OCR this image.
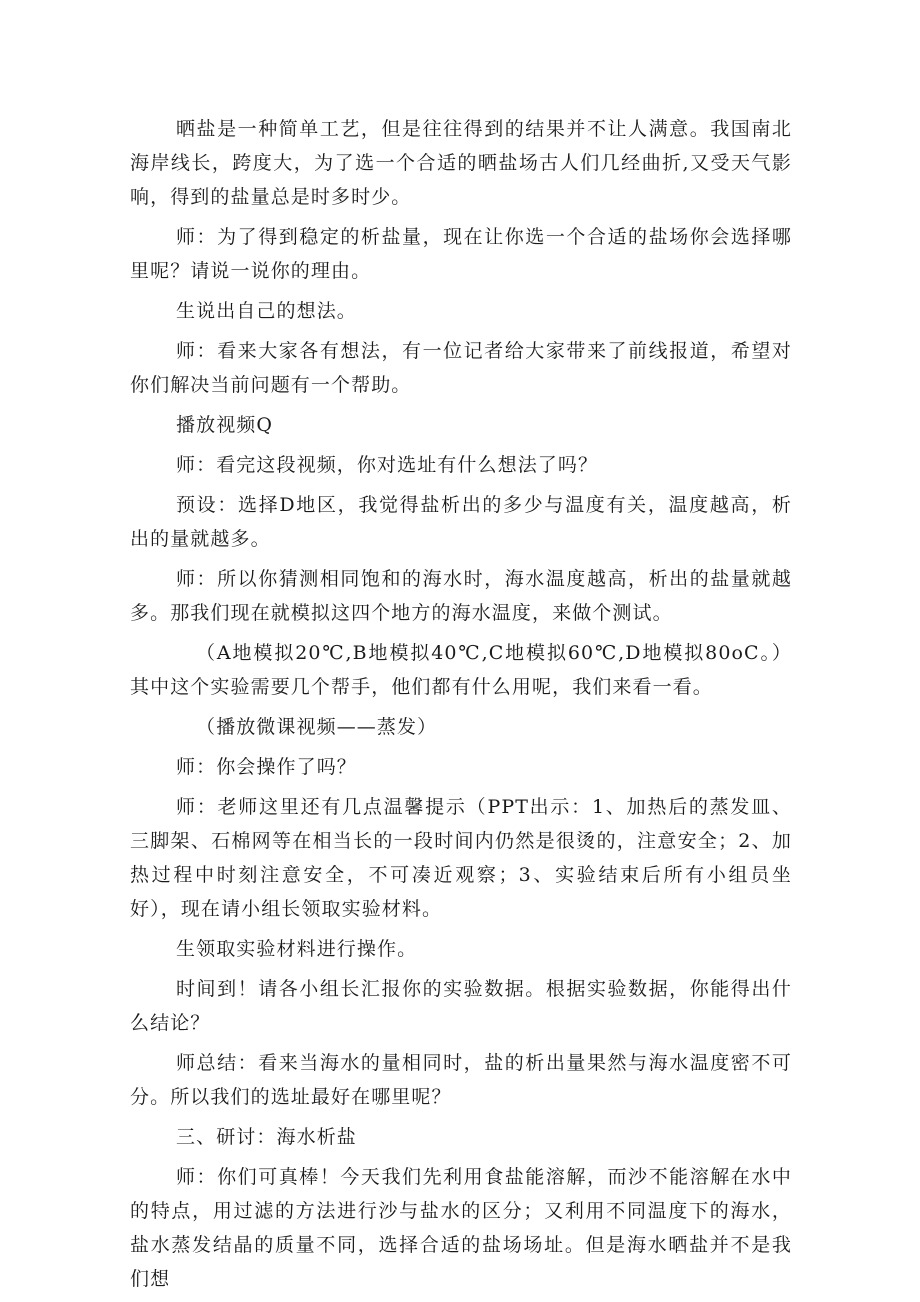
晒盐是一种简单工艺，但是往往得到的结果并不让人满意。我国南北海岸线长，跨度大，为了选一个合适的晒盐场古人们几经曲折,又受天气影响，得到的盐量总是时多时少。

师：为了得到稳定的析盐量，现在让你选一个合适的盐场你会选择哪里呢？请说一说你的理由。

生说出自己的想法。

师：看来大家各有想法，有一位记者给大家带来了前线报道，希望对你们解决当前问题有一个帮助。

播放视频Q

师：看完这段视频，你对选址有什么想法了吗？

预设：选择D地区，我觉得盐析出的多少与温度有关，温度越高，析出的量就越多。

师：所以你猜测相同饱和的海水时，海水温度越高，析出的盐量就越多。那我们现在就模拟这四个地方的海水温度，来做个测试。

（A地模拟20℃,B地模拟40℃,C地模拟60℃,D地模拟80oC。）其中这个实验需要几个帮手，他们都有什么用呢，我们来看一看。

（播放微课视频——蒸发）

师：你会操作了吗？

师：老师这里还有几点温馨提示（PPT出示：1、加热后的蒸发皿、三脚架、石棉网等在相当长的一段时间内仍然是很烫的，注意安全；2、加热过程中时刻注意安全，不可凑近观察；3、实验结束后所有小组员坐好），现在请小组长领取实验材料。

生领取实验材料进行操作。

时间到！请各小组长汇报你的实验数据。根据实验数据，你能得出什么结论？

师总结：看来当海水的量相同时，盐的析出量果然与海水温度密不可分。所以我们的选址最好在哪里呢？

三、研讨：海水析盐

师：你们可真棒！今天我们先利用食盐能溶解，而沙不能溶解在水中的特点，用过滤的方法进行沙与盐水的区分；又利用不同温度下的海水，盐水蒸发结晶的质量不同，选择合适的盐场场址。但是海水晒盐并不是我们想
